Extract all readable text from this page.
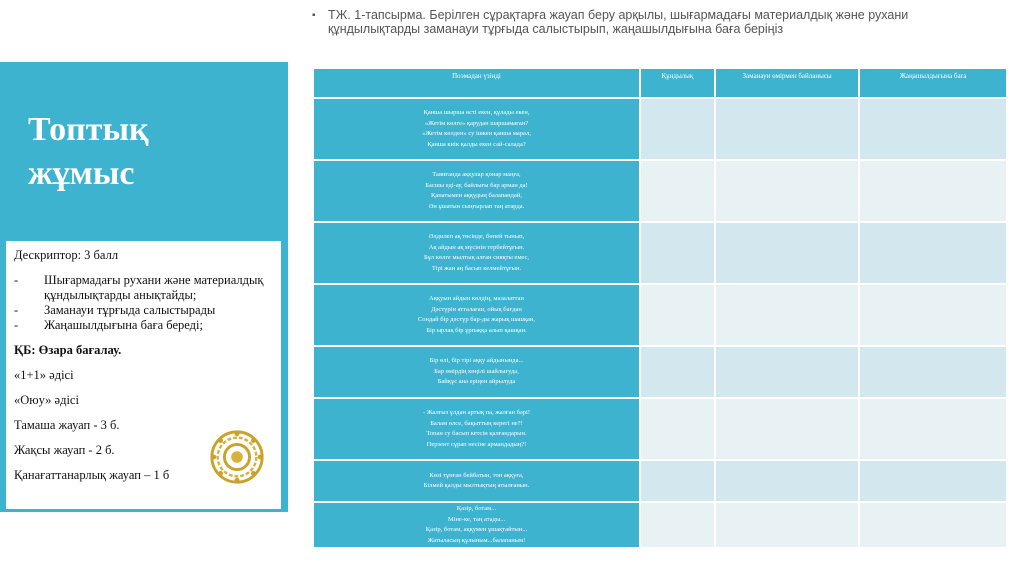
Топтық
жұмыс

Дескриптор: 3 балл

-	Шығармадағы рухани және материалдық құндылықтарды анықтайды;
-	Заманауи тұрғыда салыстырады
-	Жаңашылдығына баға береді;

ҚБ: Өзара бағалау.

«1+1» әдісі

«Оюу» әдісі

Тамаша жауап - 3 б.

Жақсы жауап - 2 б.

Қанағаттанарлық жауап – 1 б

▪ ТЖ. 1-тапсырма. Берілген сұрақтарға жауап беру арқылы, шығармадағы материалдық және рухани құндылықтарды заманауи тұрғыда салыстырып, жаңашылдығына баға беріңіз
Поэмадан үзінді	Құндылық	Заманауи өмірмен байланысы	Жаңашылдығына баға

Қанша шырша өсті екен, құлады екен,
«Жетім көлге» қарудан шаршамаған?
«Жетім көлден» су ішкен қанша марал,
Қанша киік қалды екен сай-салада?			

Таянғанда аққулар қонар маңға,
Басшы еді-ау, байлығы бар арман да!
Қанатымен аққудың балапандай,
Ән ұшатын сыңғырлап таң атарда.			

Әлдилеп ақ төсінде, бөпей тынып,
Ақ айдын ақ мүсінін тербейтұғын.
Бұл көлге мылтық алған сияқты емес,
Тірі жан аң басып келмейтұғын.			

Аққуын айдын көлдің, мазалаттан
Дәстүрін атталаған, ойық бағдан
Сондай бір дәстүр бар-ды жарық шашқан,
Бір ырлақ бір ұрпаққа алып қашқан.			

Бір өлі, бір тірі аққу айдынында...
Бар өмірдің көңілі шайлығуда,
Байқұс ана еріңен айрылуда			

- Жалғыз ұлдан артық па, жалған бәрі!
Балам өлсе, бақыттың керегі не?!
Топан су басып кетсін қалғандарын.
Перзент сұрап несіне армандадың?!			

Көзі тұнған бейбатын, топ аққуға,
Білмей қалды мылтықтың атылғанын.			

Қазір, ботам...
Міне-ке, таң атады...
Қазір, ботам, аққумен ұшақтайтын...
Жатыласың құлыным...балапаным!			
